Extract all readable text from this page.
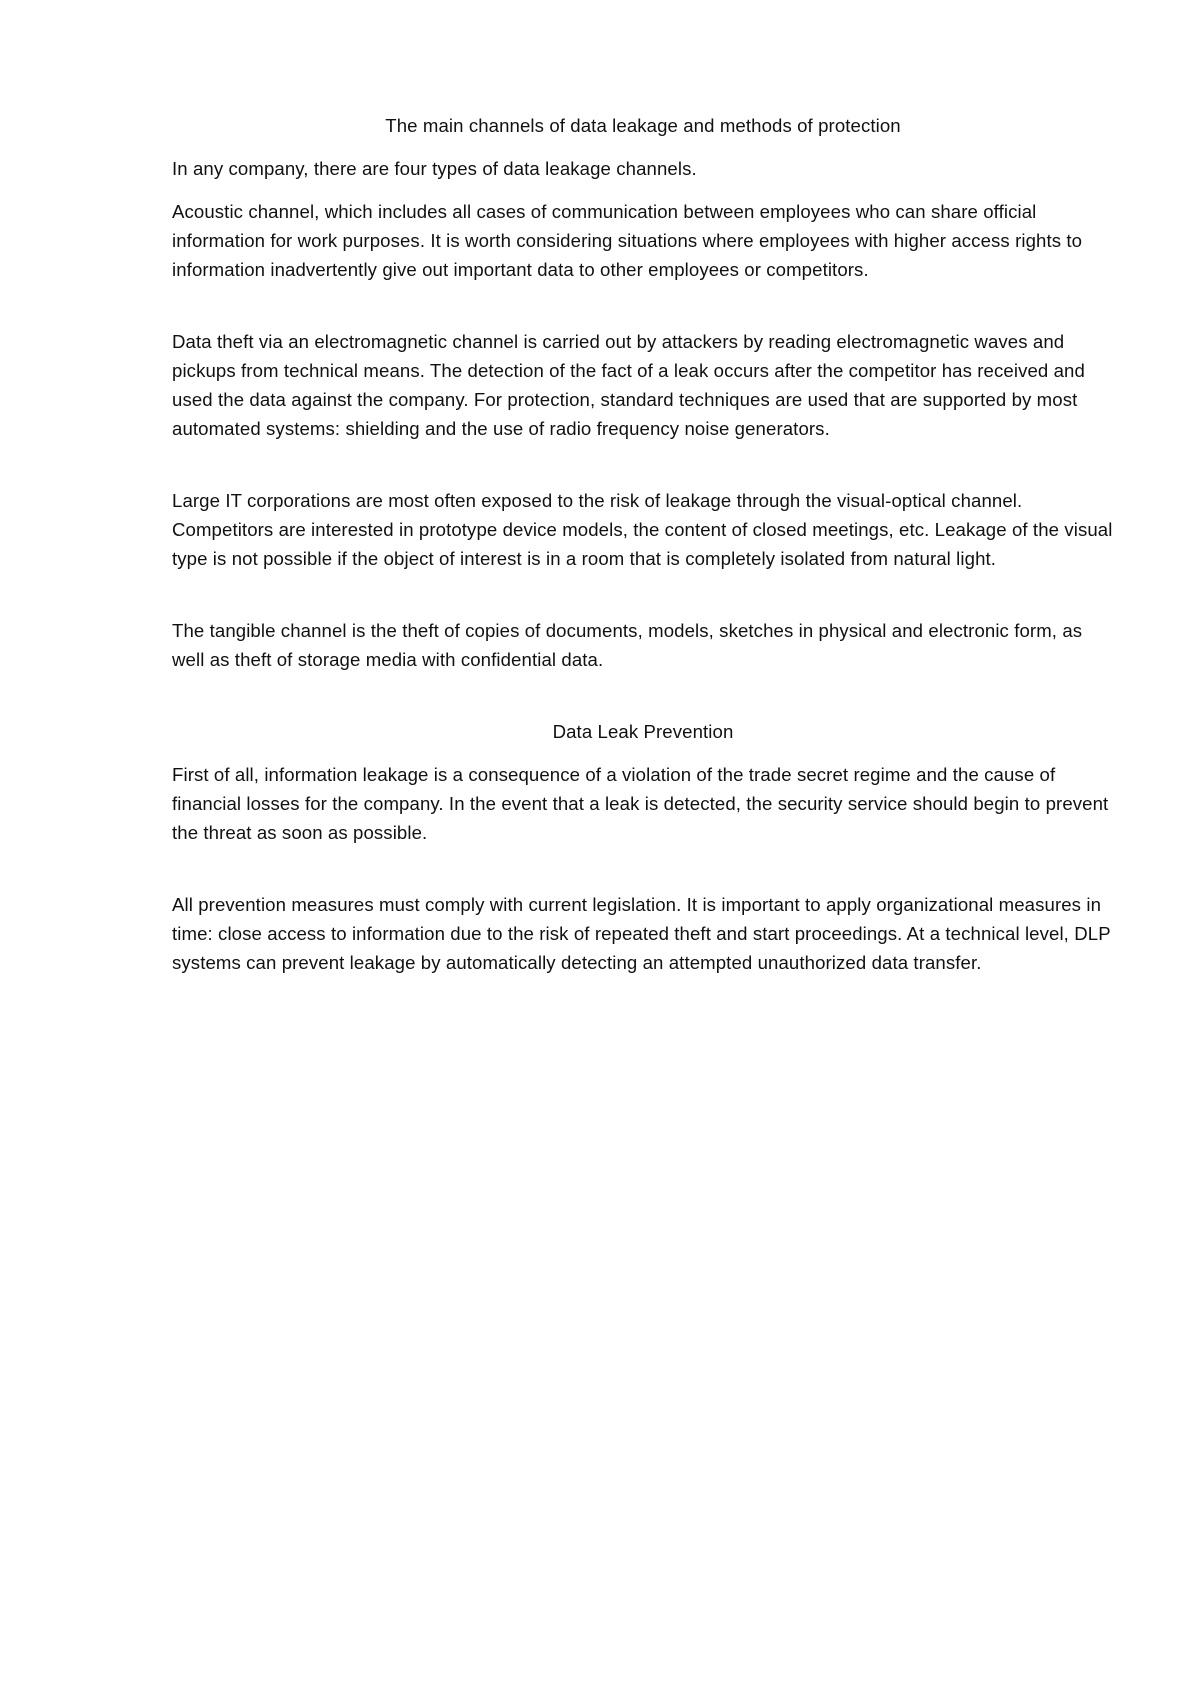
The main channels of data leakage and methods of protection

In any company, there are four types of data leakage channels.

Acoustic channel, which includes all cases of communication between employees who can share official information for work purposes. It is worth considering situations where employees with higher access rights to information inadvertently give out important data to other employees or competitors.

Data theft via an electromagnetic channel is carried out by attackers by reading electromagnetic waves and pickups from technical means. The detection of the fact of a leak occurs after the competitor has received and used the data against the company. For protection, standard techniques are used that are supported by most automated systems: shielding and the use of radio frequency noise generators.

Large IT corporations are most often exposed to the risk of leakage through the visual-optical channel. Competitors are interested in prototype device models, the content of closed meetings, etc. Leakage of the visual type is not possible if the object of interest is in a room that is completely isolated from natural light.

The tangible channel is the theft of copies of documents, models, sketches in physical and electronic form, as well as theft of storage media with confidential data.

Data Leak Prevention

First of all, information leakage is a consequence of a violation of the trade secret regime and the cause of financial losses for the company. In the event that a leak is detected, the security service should begin to prevent the threat as soon as possible.

All prevention measures must comply with current legislation. It is important to apply organizational measures in time: close access to information due to the risk of repeated theft and start proceedings. At a technical level, DLP systems can prevent leakage by automatically detecting an attempted unauthorized data transfer.
